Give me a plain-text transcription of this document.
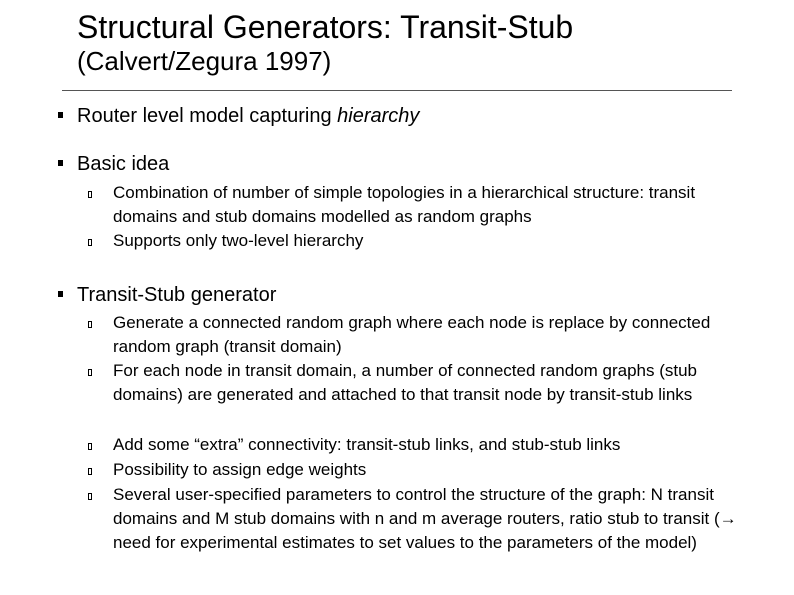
Structural Generators: Transit-Stub
(Calvert/Zegura 1997)
Router level model capturing hierarchy
Basic idea
Combination of number of simple topologies in a hierarchical structure: transit domains and stub domains modelled as random graphs
Supports only two-level hierarchy
Transit-Stub generator
Generate a connected random graph where each node is replace by connected random graph (transit domain)
For each node in transit domain, a number of connected random graphs (stub domains) are generated and attached to that transit node by transit-stub links
Add some “extra” connectivity: transit-stub links, and stub-stub links
Possibility to assign edge weights
Several user-specified parameters to control the structure of the graph: N transit domains and M stub domains with n and m average routers, ratio stub to transit (→ need for experimental estimates to set values to the parameters of the model)
